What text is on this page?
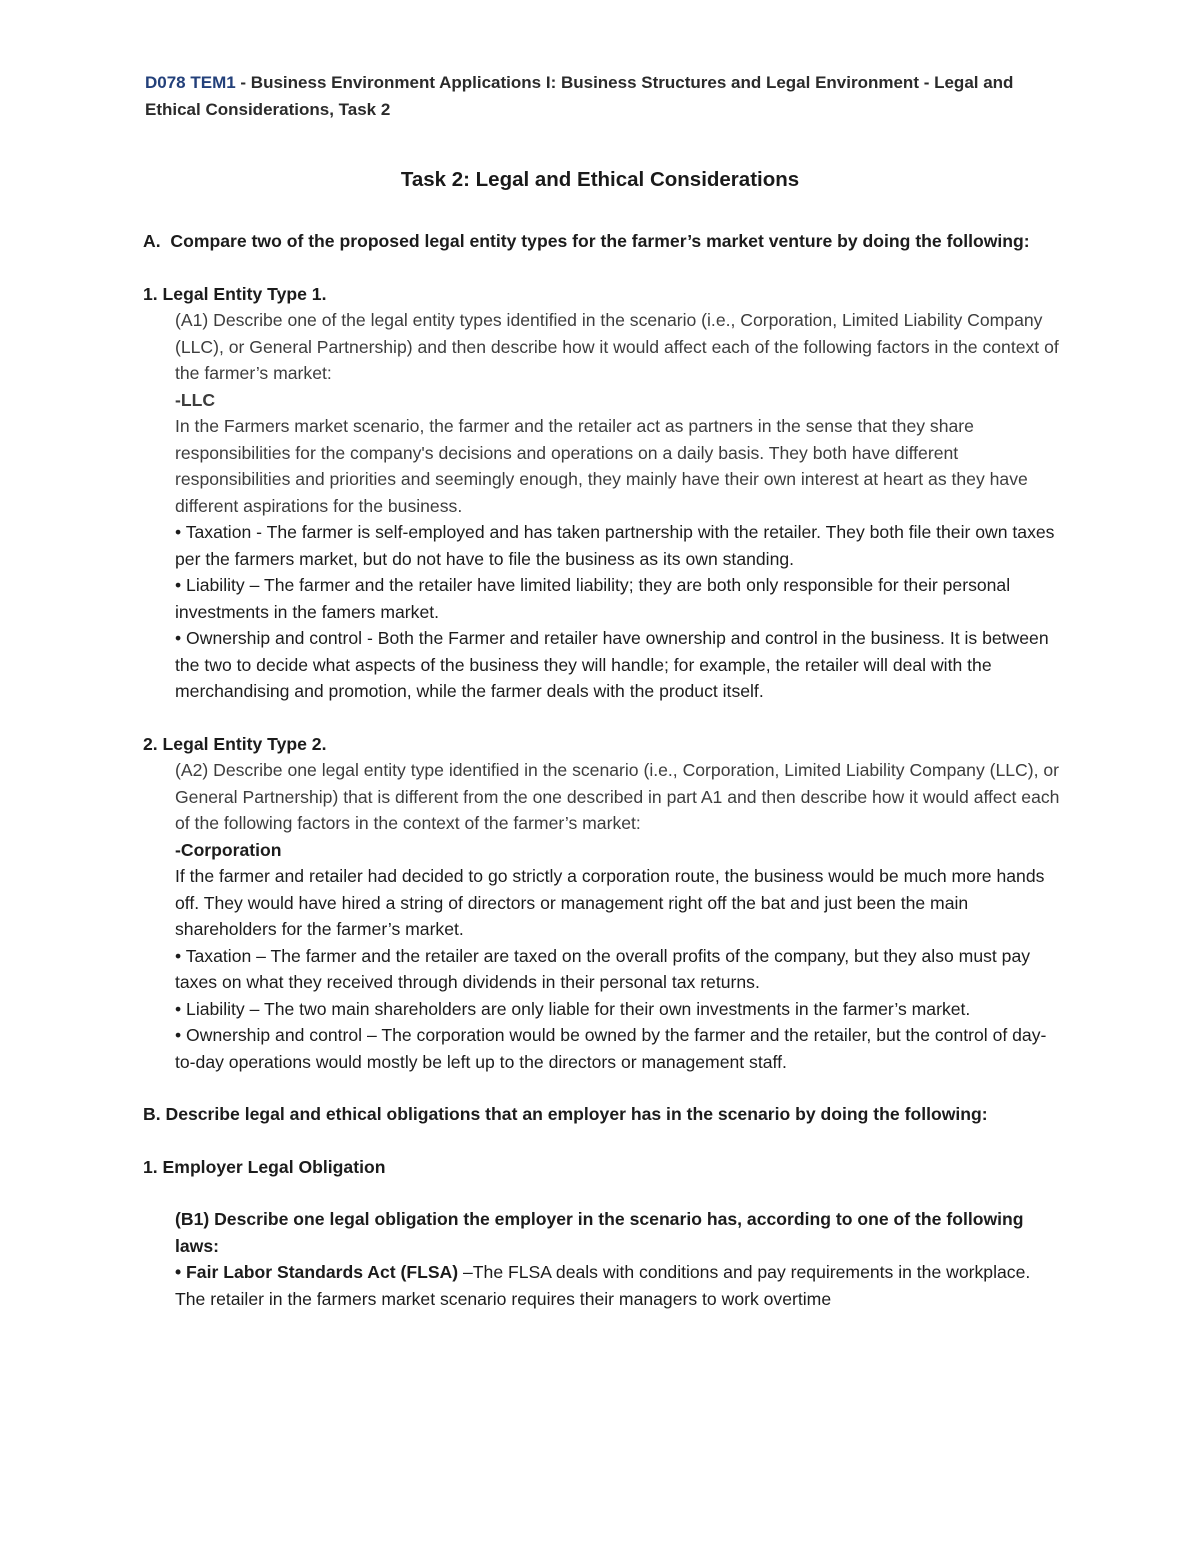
D078 TEM1 - Business Environment Applications I: Business Structures and Legal Environment - Legal and Ethical Considerations, Task 2
Task 2: Legal and Ethical Considerations

A. Compare two of the proposed legal entity types for the farmer’s market venture by doing the following:

1. Legal Entity Type 1.

(A1) Describe one of the legal entity types identified in the scenario (i.e., Corporation, Limited Liability Company (LLC), or General Partnership) and then describe how it would affect each of the following factors in the context of the farmer’s market:

-LLC

In the Farmers market scenario, the farmer and the retailer act as partners in the sense that they share responsibilities for the company's decisions and operations on a daily basis. They both have different responsibilities and priorities and seemingly enough, they mainly have their own interest at heart as they have different aspirations for the business.

• Taxation - The farmer is self-employed and has taken partnership with the retailer. They both file their own taxes per the farmers market, but do not have to file the business as its own standing.

• Liability – The farmer and the retailer have limited liability; they are both only responsible for their personal investments in the famers market.

• Ownership and control - Both the Farmer and retailer have ownership and control in the business. It is between the two to decide what aspects of the business they will handle; for example, the retailer will deal with the merchandising and promotion, while the farmer deals with the product itself.

2. Legal Entity Type 2.

(A2) Describe one legal entity type identified in the scenario (i.e., Corporation, Limited Liability Company (LLC), or General Partnership) that is different from the one described in part A1 and then describe how it would affect each of the following factors in the context of the farmer’s market:

-Corporation

If the farmer and retailer had decided to go strictly a corporation route, the business would be much more hands off. They would have hired a string of directors or management right off the bat and just been the main shareholders for the farmer’s market.

• Taxation – The farmer and the retailer are taxed on the overall profits of the company, but they also must pay taxes on what they received through dividends in their personal tax returns.

• Liability – The two main shareholders are only liable for their own investments in the farmer’s market.

• Ownership and control – The corporation would be owned by the farmer and the retailer, but the control of day-to-day operations would mostly be left up to the directors or management staff.

B. Describe legal and ethical obligations that an employer has in the scenario by doing the following:

1. Employer Legal Obligation

(B1) Describe one legal obligation the employer in the scenario has, according to one of the following laws:

• Fair Labor Standards Act (FLSA) –The FLSA deals with conditions and pay requirements in the workplace. The retailer in the farmers market scenario requires their managers to work overtime
